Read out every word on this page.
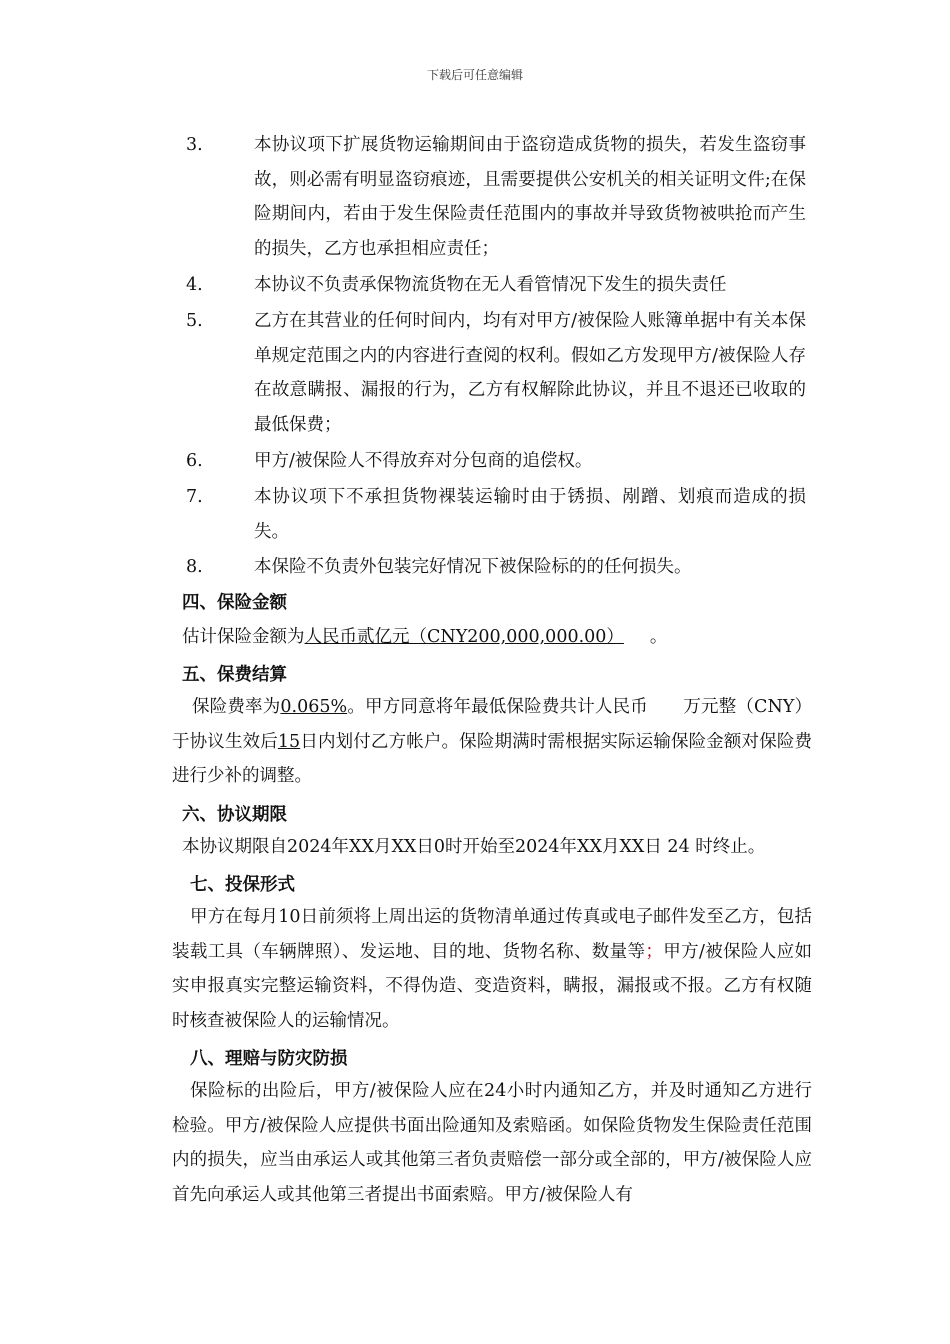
下载后可任意编辑
3.	本协议项下扩展货物运输期间由于盗窃造成货物的损失，若发生盗窃事故，则必需有明显盗窃痕迹，且需要提供公安机关的相关证明文件;在保险期间内，若由于发生保险责任范围内的事故并导致货物被哄抢而产生的损失，乙方也承担相应责任；
4.	本协议不负责承保物流货物在无人看管情况下发生的损失责任
5.	乙方在其营业的任何时间内，均有对甲方/被保险人账簿单据中有关本保单规定范围之内的内容进行查阅的权利。假如乙方发现甲方/被保险人存在故意瞒报、漏报的行为，乙方有权解除此协议，并且不退还已收取的最低保费；
6.	甲方/被保险人不得放弃对分包商的追偿权。
7.	本协议项下不承担货物裸装运输时由于锈损、剐蹭、划痕而造成的损失。
8.	本保险不负责外包装完好情况下被保险标的的任何损失。
四、保险金额
估计保险金额为人民币贰亿元（CNY200,000,000.00） 。
五、保费结算
保险费率为0.065%。甲方同意将年最低保险费共计人民币　　万元整（CNY）于协议生效后15日内划付乙方帐户。保险期满时需根据实际运输保险金额对保险费进行少补的调整。
六、协议期限
本协议期限自2024年XX月XX日0时开始至2024年XX月XX日 24 时终止。
七、投保形式
甲方在每月10日前须将上周出运的货物清单通过传真或电子邮件发至乙方，包括装载工具（车辆牌照）、发运地、目的地、货物名称、数量等；甲方/被保险人应如实申报真实完整运输资料，不得伪造、变造资料，瞒报，漏报或不报。乙方有权随时核查被保险人的运输情况。
八、理赔与防灾防损
保险标的出险后，甲方/被保险人应在24小时内通知乙方，并及时通知乙方进行检验。甲方/被保险人应提供书面出险通知及索赔函。如保险货物发生保险责任范围内的损失，应当由承运人或其他第三者负责赔偿一部分或全部的，甲方/被保险人应首先向承运人或其他第三者提出书面索赔。甲方/被保险人有
